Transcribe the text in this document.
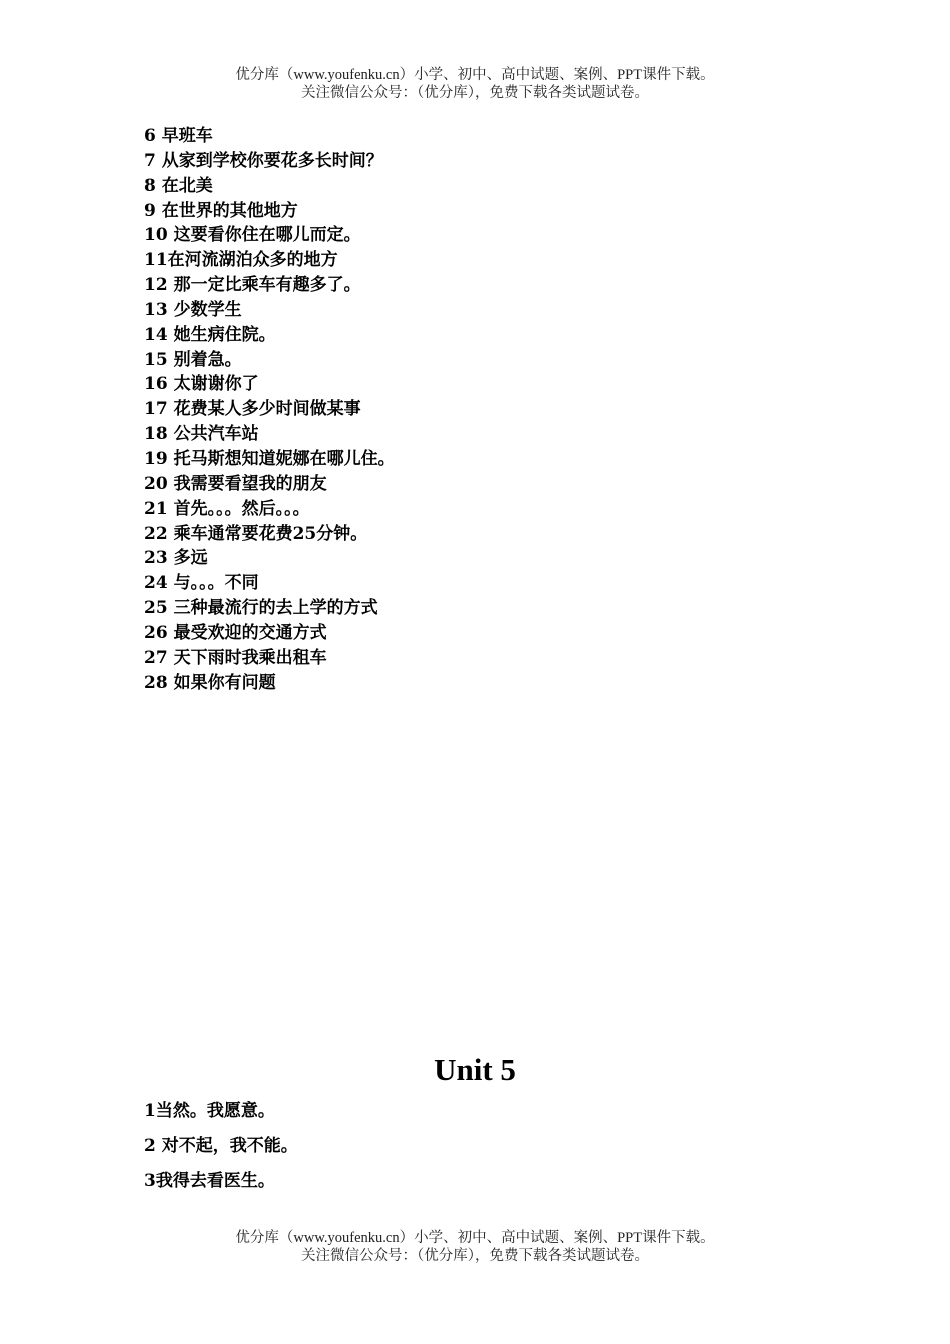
优分库（www.youfenku.cn）小学、初中、高中试题、案例、PPT课件下载。
关注微信公众号：（优分库），免费下载各类试题试卷。
6 早班车
7 从家到学校你要花多长时间？
8 在北美
9 在世界的其他地方
10 这要看你住在哪儿而定。
11在河流湖泊众多的地方
12 那一定比乘车有趣多了。
13 少数学生
14 她生病住院。
15 别着急。
16 太谢谢你了
17 花费某人多少时间做某事
18 公共汽车站
19 托马斯想知道妮娜在哪儿住。
20 我需要看望我的朋友
21 首先。。。然后。。。
22 乘车通常要花费25分钟。
23 多远
24 与。。。不同
25 三种最流行的去上学的方式
26 最受欢迎的交通方式
27 天下雨时我乘出租车
28 如果你有问题
Unit 5
1当然。我愿意。
2 对不起，我不能。
3我得去看医生。
优分库（www.youfenku.cn）小学、初中、高中试题、案例、PPT课件下载。
关注微信公众号：（优分库），免费下载各类试题试卷。
